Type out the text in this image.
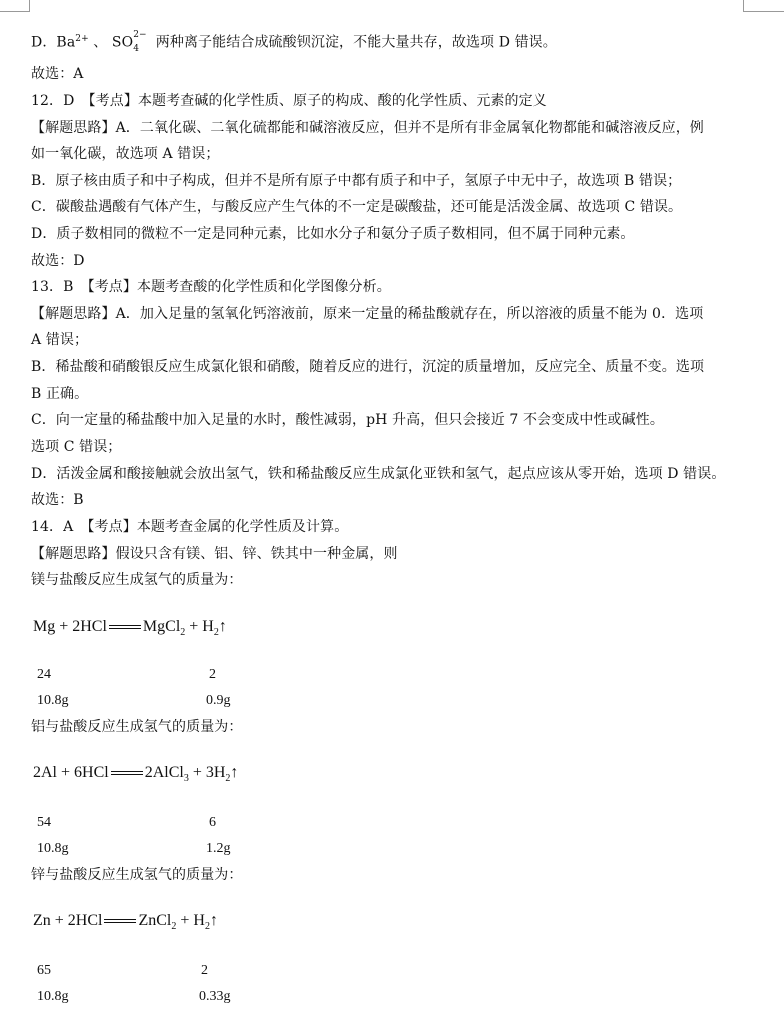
D．$Ba^{2+}$ 、 SO 2−
4 两种离子能结合成硫酸钡沉淀，不能大量共存，故选项 D 错误。
故选：A
12．D　【考点】本题考查碱的化学性质、原子的构成、酸的化学性质、元素的定义
【解题思路】A．二氧化碳、二氧化硫都能和碱溶液反应，但并不是所有非金属氧化物都能和碱溶液反应，例
如一氧化碳，故选项 A 错误；
B．原子核由质子和中子构成，但并不是所有原子中都有质子和中子，氢原子中无中子，故选项 B 错误；
C．碳酸盐遇酸有气体产生，与酸反应产生气体的不一定是碳酸盐，还可能是活泼金属、故选项 C 错误。
D．质子数相同的微粒不一定是同种元素，比如水分子和氨分子质子数相同，但不属于同种元素。
故选：D
13．B　【考点】本题考查酸的化学性质和化学图像分析。
【解题思路】A．加入足量的氢氧化钙溶液前，原来一定量的稀盐酸就存在，所以溶液的质量不能为 0．选项
A 错误；
B．稀盐酸和硝酸银反应生成氯化银和硝酸，随着反应的进行，沉淀的质量增加，反应完全、质量不变。选项
B 正确。
C．向一定量的稀盐酸中加入足量的水时，酸性减弱，pH 升高，但只会接近 7 不会变成中性或碱性。
选项 C 错误；
D．活泼金属和酸接触就会放出氢气，铁和稀盐酸反应生成氯化亚铁和氢气，起点应该从零开始，选项 D 错误。
故选：B
14．A　【考点】本题考查金属的化学性质及计算。
【解题思路】假设只含有镁、铝、锌、铁其中一种金属，则
镁与盐酸反应生成氢气的质量为：
Mg + 2HCl MgCl$_2$ + $H_2↑$
24	2
10.8g	0.9g
铝与盐酸反应生成氢气的质量为：
2Al + 6HCl 2AlCl$_3$ + $3H_2↑$
54	6
10.8g	1.2g
锌与盐酸反应生成氢气的质量为：
Zn + 2HCl ZnCl$_2$ + $H_2↑$
65	2
10.8g	0.33g
